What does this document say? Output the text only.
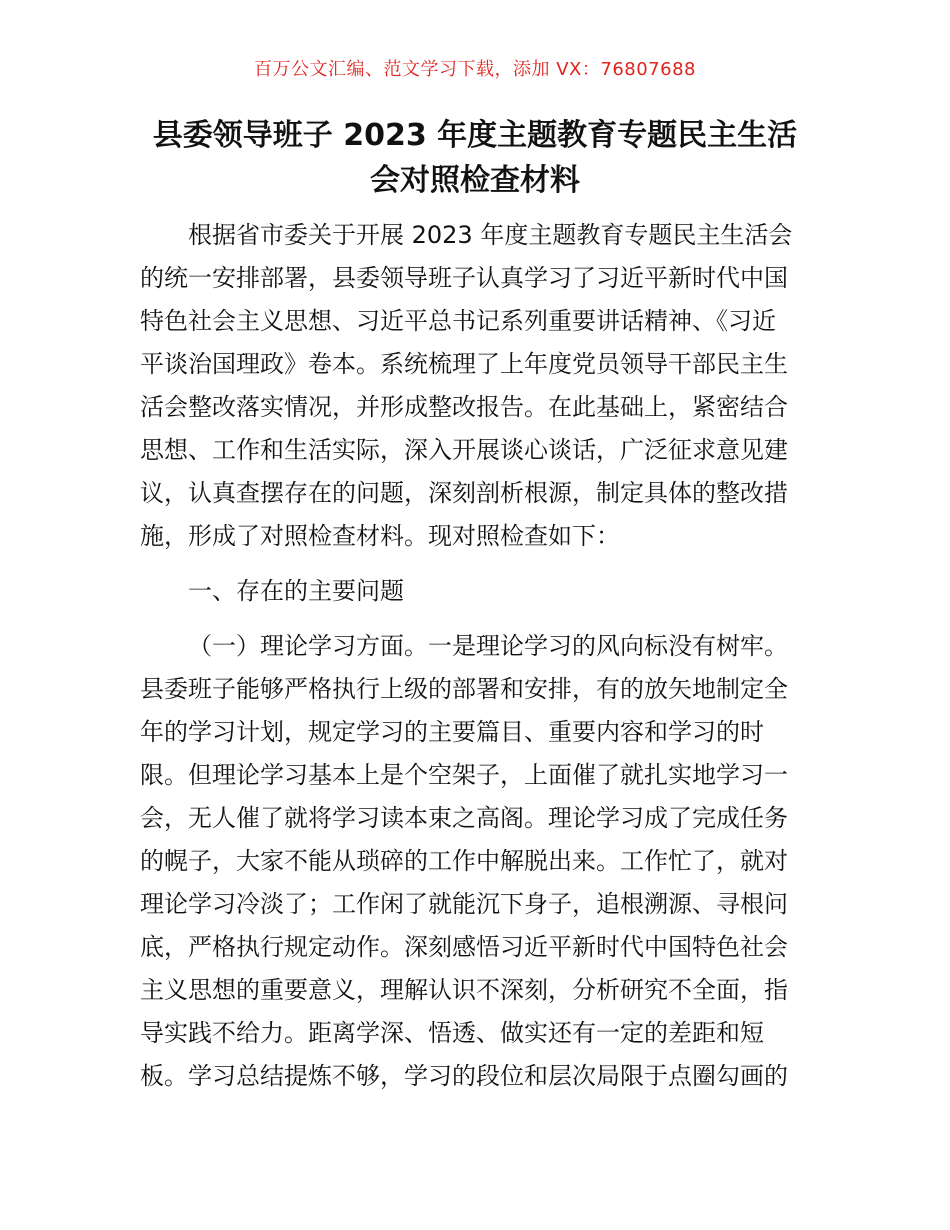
百万公文汇编、范文学习下载，添加 VX：76807688
县委领导班子 2023 年度主题教育专题民主生活
会对照检查材料
根据省市委关于开展 2023 年度主题教育专题民主生活会
的统一安排部署，县委领导班子认真学习了习近平新时代中国
特色社会主义思想、习近平总书记系列重要讲话精神、《习近
平谈治国理政》卷本。系统梳理了上年度党员领导干部民主生
活会整改落实情况，并形成整改报告。在此基础上，紧密结合
思想、工作和生活实际，深入开展谈心谈话，广泛征求意见建
议，认真查摆存在的问题，深刻剖析根源，制定具体的整改措
施，形成了对照检查材料。现对照检查如下：
一、存在的主要问题
（一）理论学习方面。一是理论学习的风向标没有树牢。
县委班子能够严格执行上级的部署和安排，有的放矢地制定全
年的学习计划，规定学习的主要篇目、重要内容和学习的时
限。但理论学习基本上是个空架子，上面催了就扎实地学习一
会，无人催了就将学习读本束之高阁。理论学习成了完成任务
的幌子，大家不能从琐碎的工作中解脱出来。工作忙了，就对
理论学习冷淡了；工作闲了就能沉下身子，追根溯源、寻根问
底，严格执行规定动作。深刻感悟习近平新时代中国特色社会
主义思想的重要意义，理解认识不深刻，分析研究不全面，指
导实践不给力。距离学深、悟透、做实还有一定的差距和短
板。学习总结提炼不够，学习的段位和层次局限于点圈勾画的
